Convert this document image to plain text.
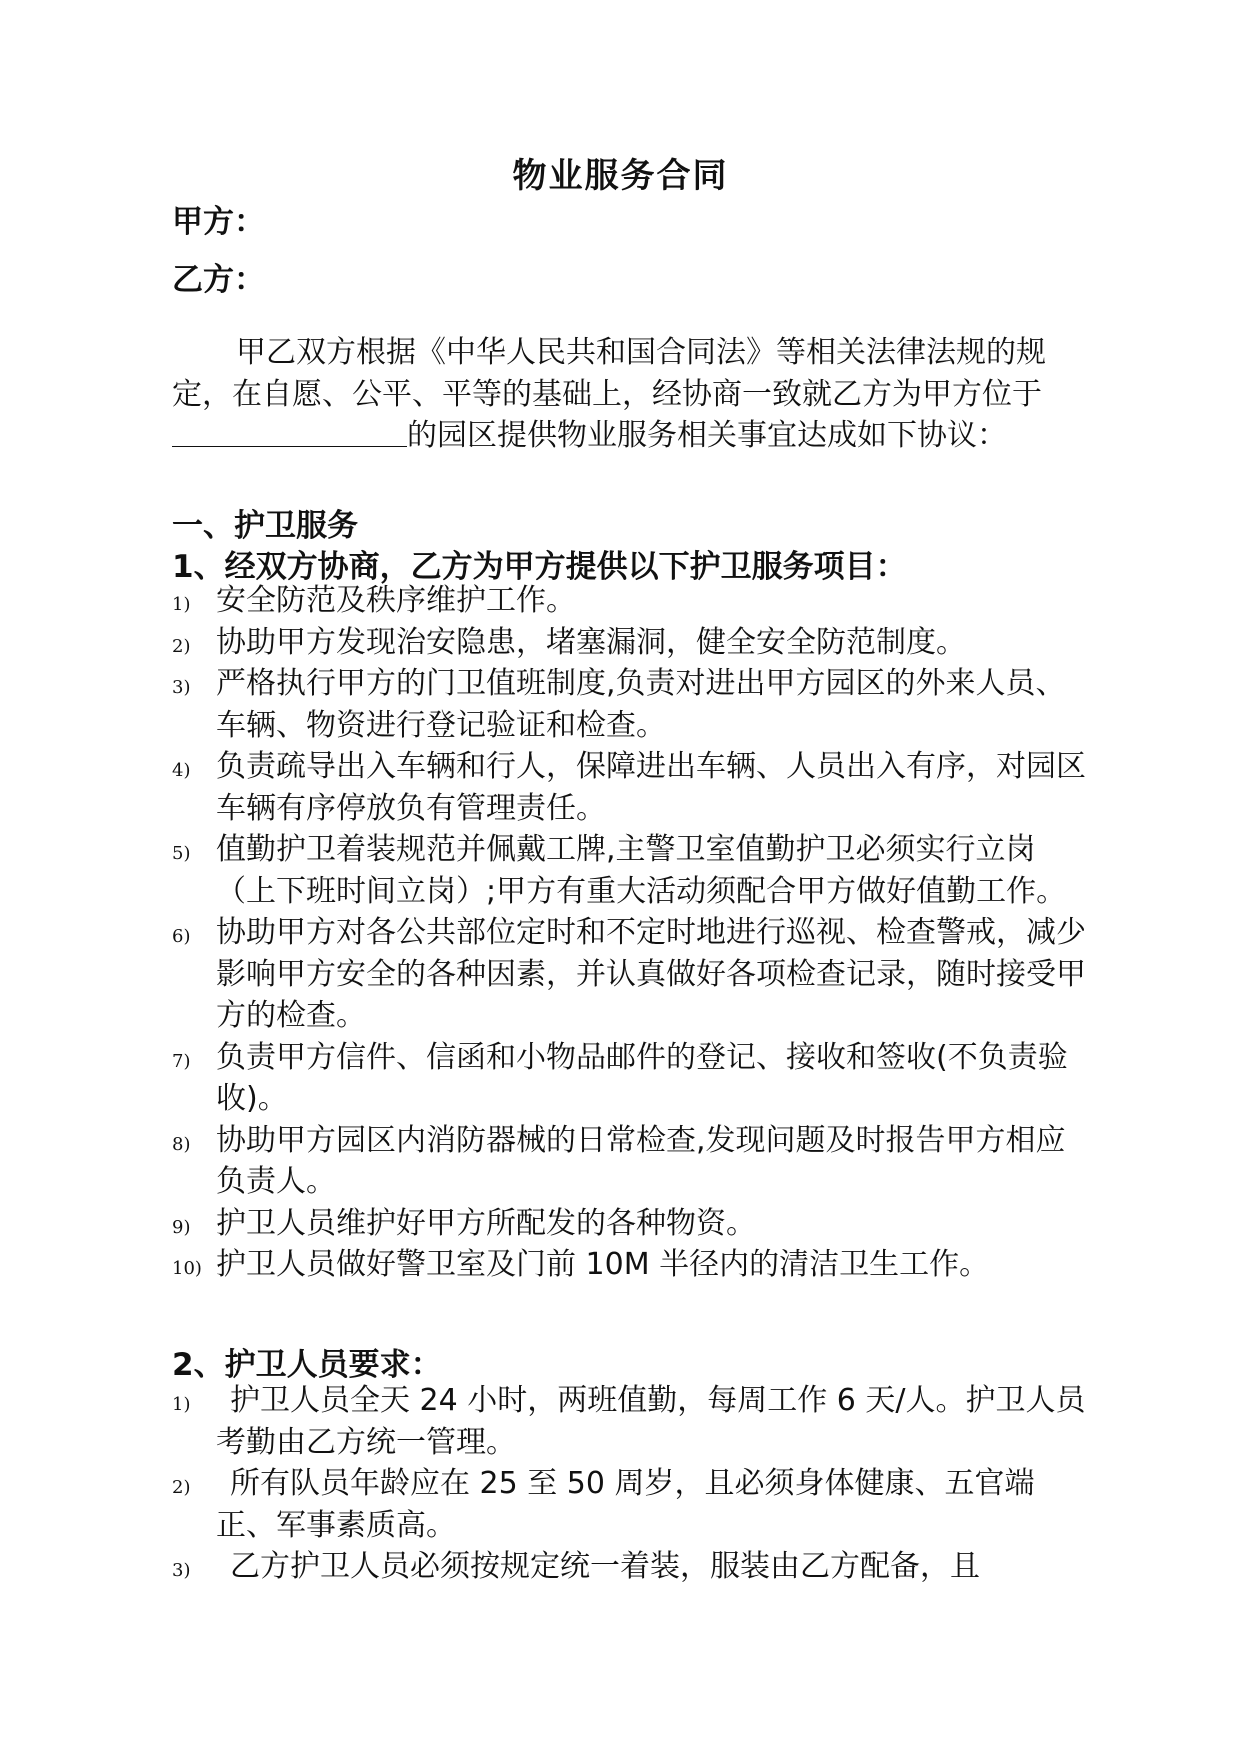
物业服务合同
甲方：
乙方：
甲乙双方根据《中华人民共和国合同法》等相关法律法规的规定，在自愿、公平、平等的基础上，经协商一致就乙方为甲方位于的园区提供物业服务相关事宜达成如下协议：
一、护卫服务
1、经双方协商，乙方为甲方提供以下护卫服务项目：
1) 安全防范及秩序维护工作。
2) 协助甲方发现治安隐患，堵塞漏洞，健全安全防范制度。
3) 严格执行甲方的门卫值班制度,负责对进出甲方园区的外来人员、车辆、物资进行登记验证和检查。
4) 负责疏导出入车辆和行人，保障进出车辆、人员出入有序，对园区车辆有序停放负有管理责任。
5) 值勤护卫着装规范并佩戴工牌,主警卫室值勤护卫必须实行立岗（上下班时间立岗）;甲方有重大活动须配合甲方做好值勤工作。
6) 协助甲方对各公共部位定时和不定时地进行巡视、检查警戒，减少影响甲方安全的各种因素，并认真做好各项检查记录，随时接受甲方的检查。
7) 负责甲方信件、信函和小物品邮件的登记、接收和签收(不负责验收)。
8) 协助甲方园区内消防器械的日常检查,发现问题及时报告甲方相应负责人。
9) 护卫人员维护好甲方所配发的各种物资。
10) 护卫人员做好警卫室及门前 10M 半径内的清洁卫生工作。
2、护卫人员要求：
1)	护卫人员全天 24 小时，两班值勤，每周工作 6 天/人。护卫人员考勤由乙方统一管理。
2)	所有队员年龄应在 25 至 50 周岁，且必须身体健康、五官端正、军事素质高。
3)	乙方护卫人员必须按规定统一着装，服装由乙方配备，且
